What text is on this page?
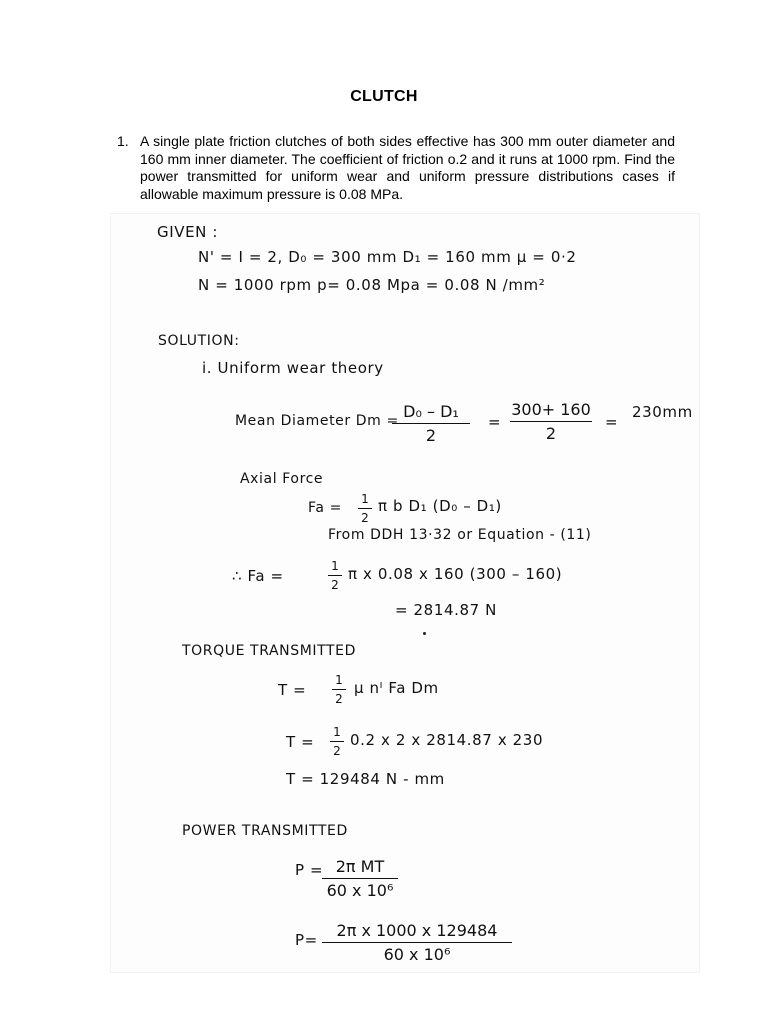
CLUTCH
1. A single plate friction clutches of both sides effective has 300 mm outer diameter and 160 mm inner diameter. The coefficient of friction o.2 and it runs at 1000 rpm. Find the power transmitted for uniform wear and uniform pressure distributions cases if allowable maximum pressure is 0.08 MPa.
GIVEN :
N' = I = 2, D₀ = 300 mm D₁ = 160 mm μ = 0·2
N = 1000 rpm p= 0.08 Mpa = 0.08 N /mm²
SOLUTION:
i. Uniform wear theory
Mean Diameter Dm = D₀ – D₁
2
=
300+ 160
2
=
230mm
Axial Force
Fa =
1
2
π b D₁ (D₀ – D₁)
From DDH 13·32 or Equation - (11)
∴ Fa =
1
2
π x 0.08 x 160 (300 – 160)
= 2814.87 N
TORQUE TRANSMITTED
T =
1
2
μ nᴵ Fa Dm
T =
1
2
0.2 x 2 x 2814.87 x 230
T = 129484 N - mm
POWER TRANSMITTED
P = 2π MT
60 x 10⁶
P=	2π x 1000 x 129484
60 x 10⁶
